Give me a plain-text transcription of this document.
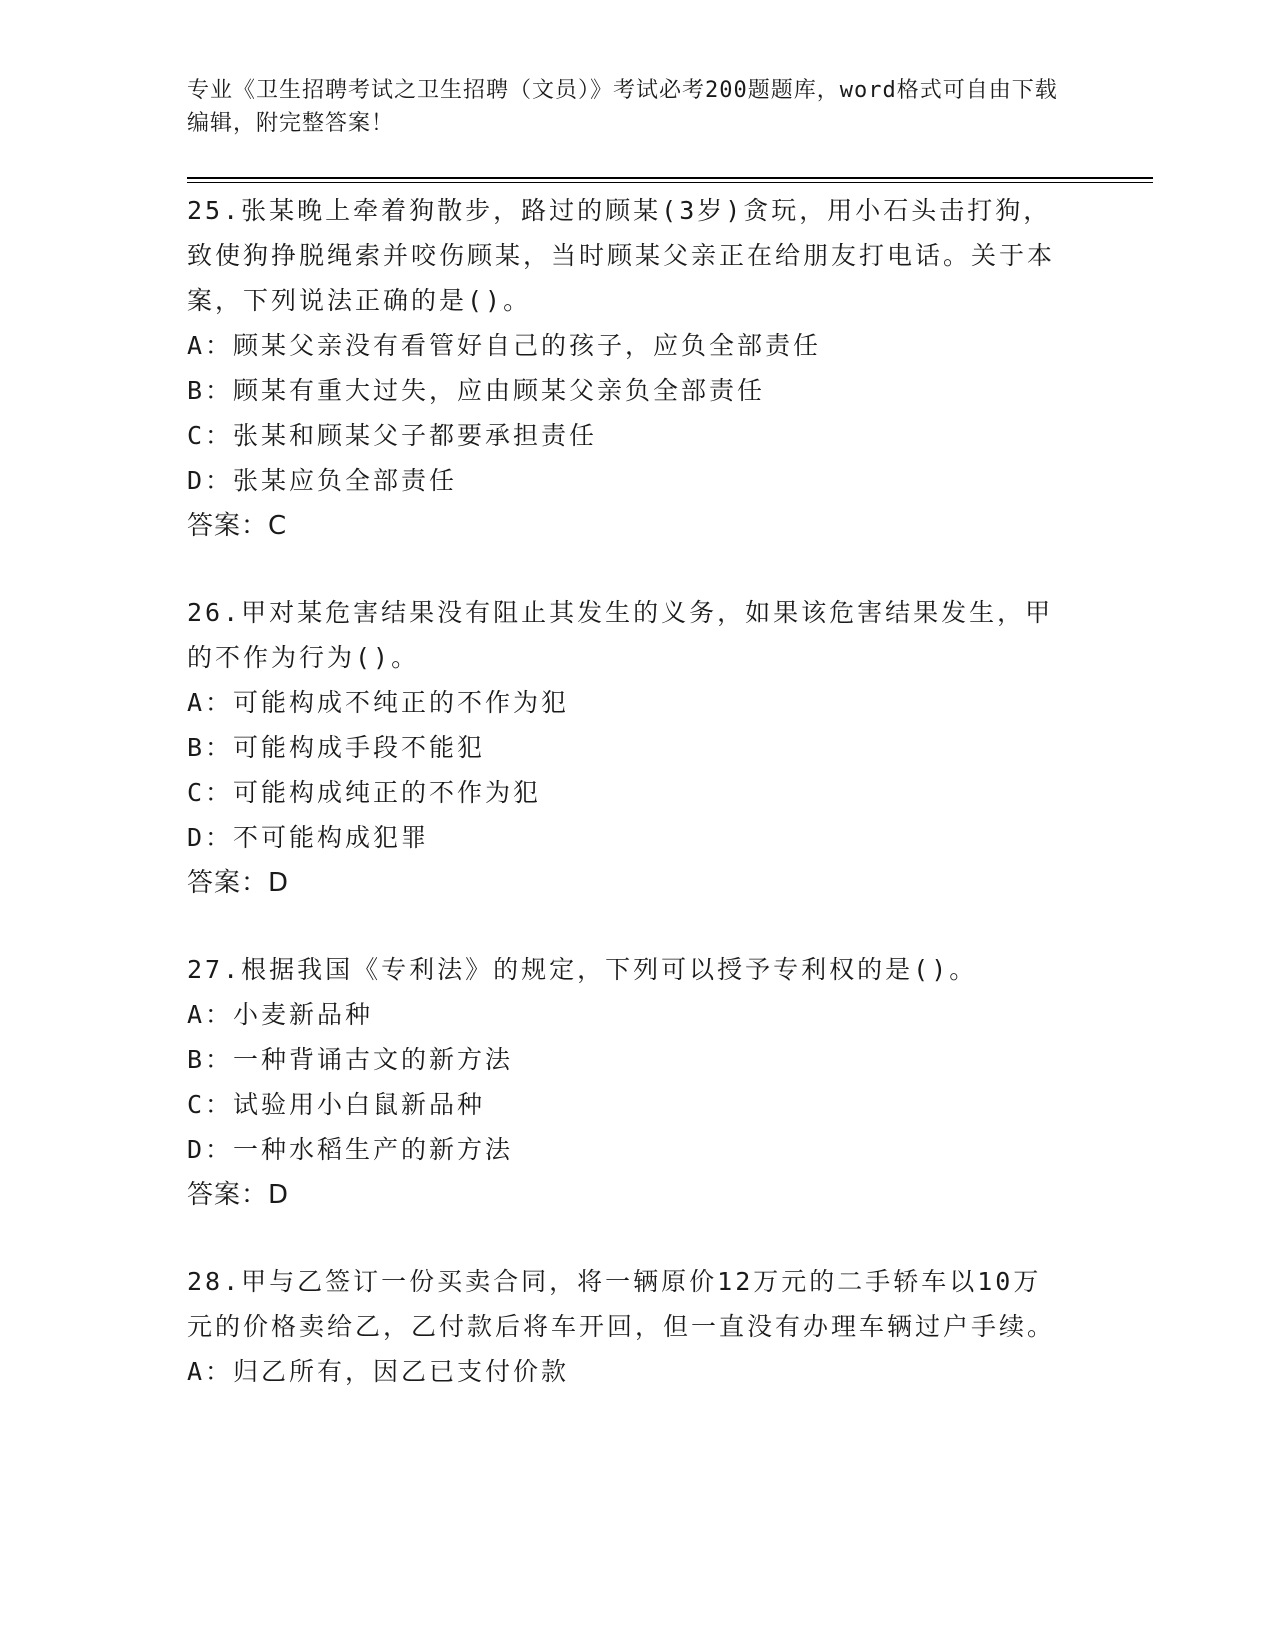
专业《卫生招聘考试之卫生招聘（文员）》考试必考200题题库，word格式可自由下载编辑，附完整答案！

25.张某晚上牵着狗散步，路过的顾某(3岁)贪玩，用小石头击打狗，致使狗挣脱绳索并咬伤顾某，当时顾某父亲正在给朋友打电话。关于本案，下列说法正确的是()。

A：顾某父亲没有看管好自己的孩子，应负全部责任

B：顾某有重大过失，应由顾某父亲负全部责任

C：张某和顾某父子都要承担责任

D：张某应负全部责任

答案：C

26.甲对某危害结果没有阻止其发生的义务，如果该危害结果发生，甲的不作为行为()。

A：可能构成不纯正的不作为犯

B：可能构成手段不能犯

C：可能构成纯正的不作为犯

D：不可能构成犯罪

答案：D

27.根据我国《专利法》的规定，下列可以授予专利权的是()。

A：小麦新品种

B：一种背诵古文的新方法

C：试验用小白鼠新品种

D：一种水稻生产的新方法

答案：D

28.甲与乙签订一份买卖合同，将一辆原价12万元的二手轿车以10万元的价格卖给乙，乙付款后将车开回，但一直没有办理车辆过户手续。

A：归乙所有，因乙已支付价款
